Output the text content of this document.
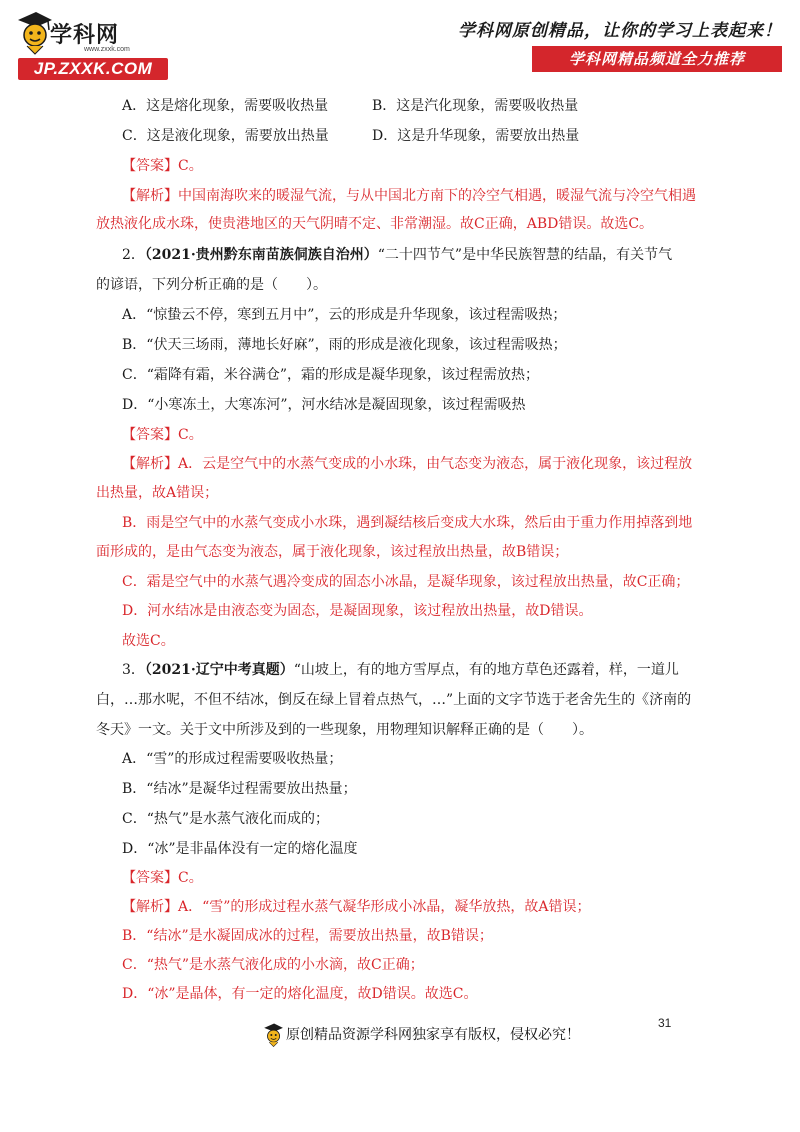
学科网
www.zxxk.com
JP.ZXXK.COM
学科网原创精品，让你的学习上表起来！
学科网精品频道全力推荐
A．这是熔化现象，需要吸收热量	B．这是汽化现象，需要吸收热量
C．这是液化现象，需要放出热量	D．这是升华现象，需要放出热量
【答案】C。
【解析】中国南海吹来的暖湿气流，与从中国北方南下的冷空气相遇，暖湿气流与冷空气相遇
放热液化成水珠，使贵港地区的天气阴晴不定、非常潮湿。故C正确，ABD错误。故选C。
2．（2021·贵州黔东南苗族侗族自治州）“二十四节气”是中华民族智慧的结晶，有关节气
的谚语，下列分析正确的是（　　）。
A．“惊蛰云不停，寒到五月中”，云的形成是升华现象，该过程需吸热；
B．“伏天三场雨，薄地长好麻”，雨的形成是液化现象，该过程需吸热；
C．“霜降有霜，米谷满仓”，霜的形成是凝华现象，该过程需放热；
D．“小寒冻土，大寒冻河”，河水结冰是凝固现象，该过程需吸热
【答案】C。
【解析】A．云是空气中的水蒸气变成的小水珠，由气态变为液态，属于液化现象，该过程放
出热量，故A错误；
B．雨是空气中的水蒸气变成小水珠，遇到凝结核后变成大水珠，然后由于重力作用掉落到地
面形成的，是由气态变为液态，属于液化现象，该过程放出热量，故B错误；
C．霜是空气中的水蒸气遇冷变成的固态小冰晶，是凝华现象，该过程放出热量，故C正确；
D．河水结冰是由液态变为固态，是凝固现象，该过程放出热量，故D错误。
故选C。
3．（2021·辽宁中考真题）“山坡上，有的地方雪厚点，有的地方草色还露着，样，一道儿
白，…那水呢，不但不结冰，倒反在绿上冒着点热气，…”上面的文字节选于老舍先生的《济南的
冬天》一文。关于文中所涉及到的一些现象，用物理知识解释正确的是（　　）。
A．“雪”的形成过程需要吸收热量；
B．“结冰”是凝华过程需要放出热量；
C．“热气”是水蒸气液化而成的；
D．“冰”是非晶体没有一定的熔化温度
【答案】C。
【解析】A．“雪”的形成过程水蒸气凝华形成小冰晶，凝华放热，故A错误；
B．“结冰”是水凝固成冰的过程，需要放出热量，故B错误；
C．“热气”是水蒸气液化成的小水滴，故C正确；
D．“冰”是晶体，有一定的熔化温度，故D错误。故选C。
31
原创精品资源学科网独家享有版权，侵权必究！
